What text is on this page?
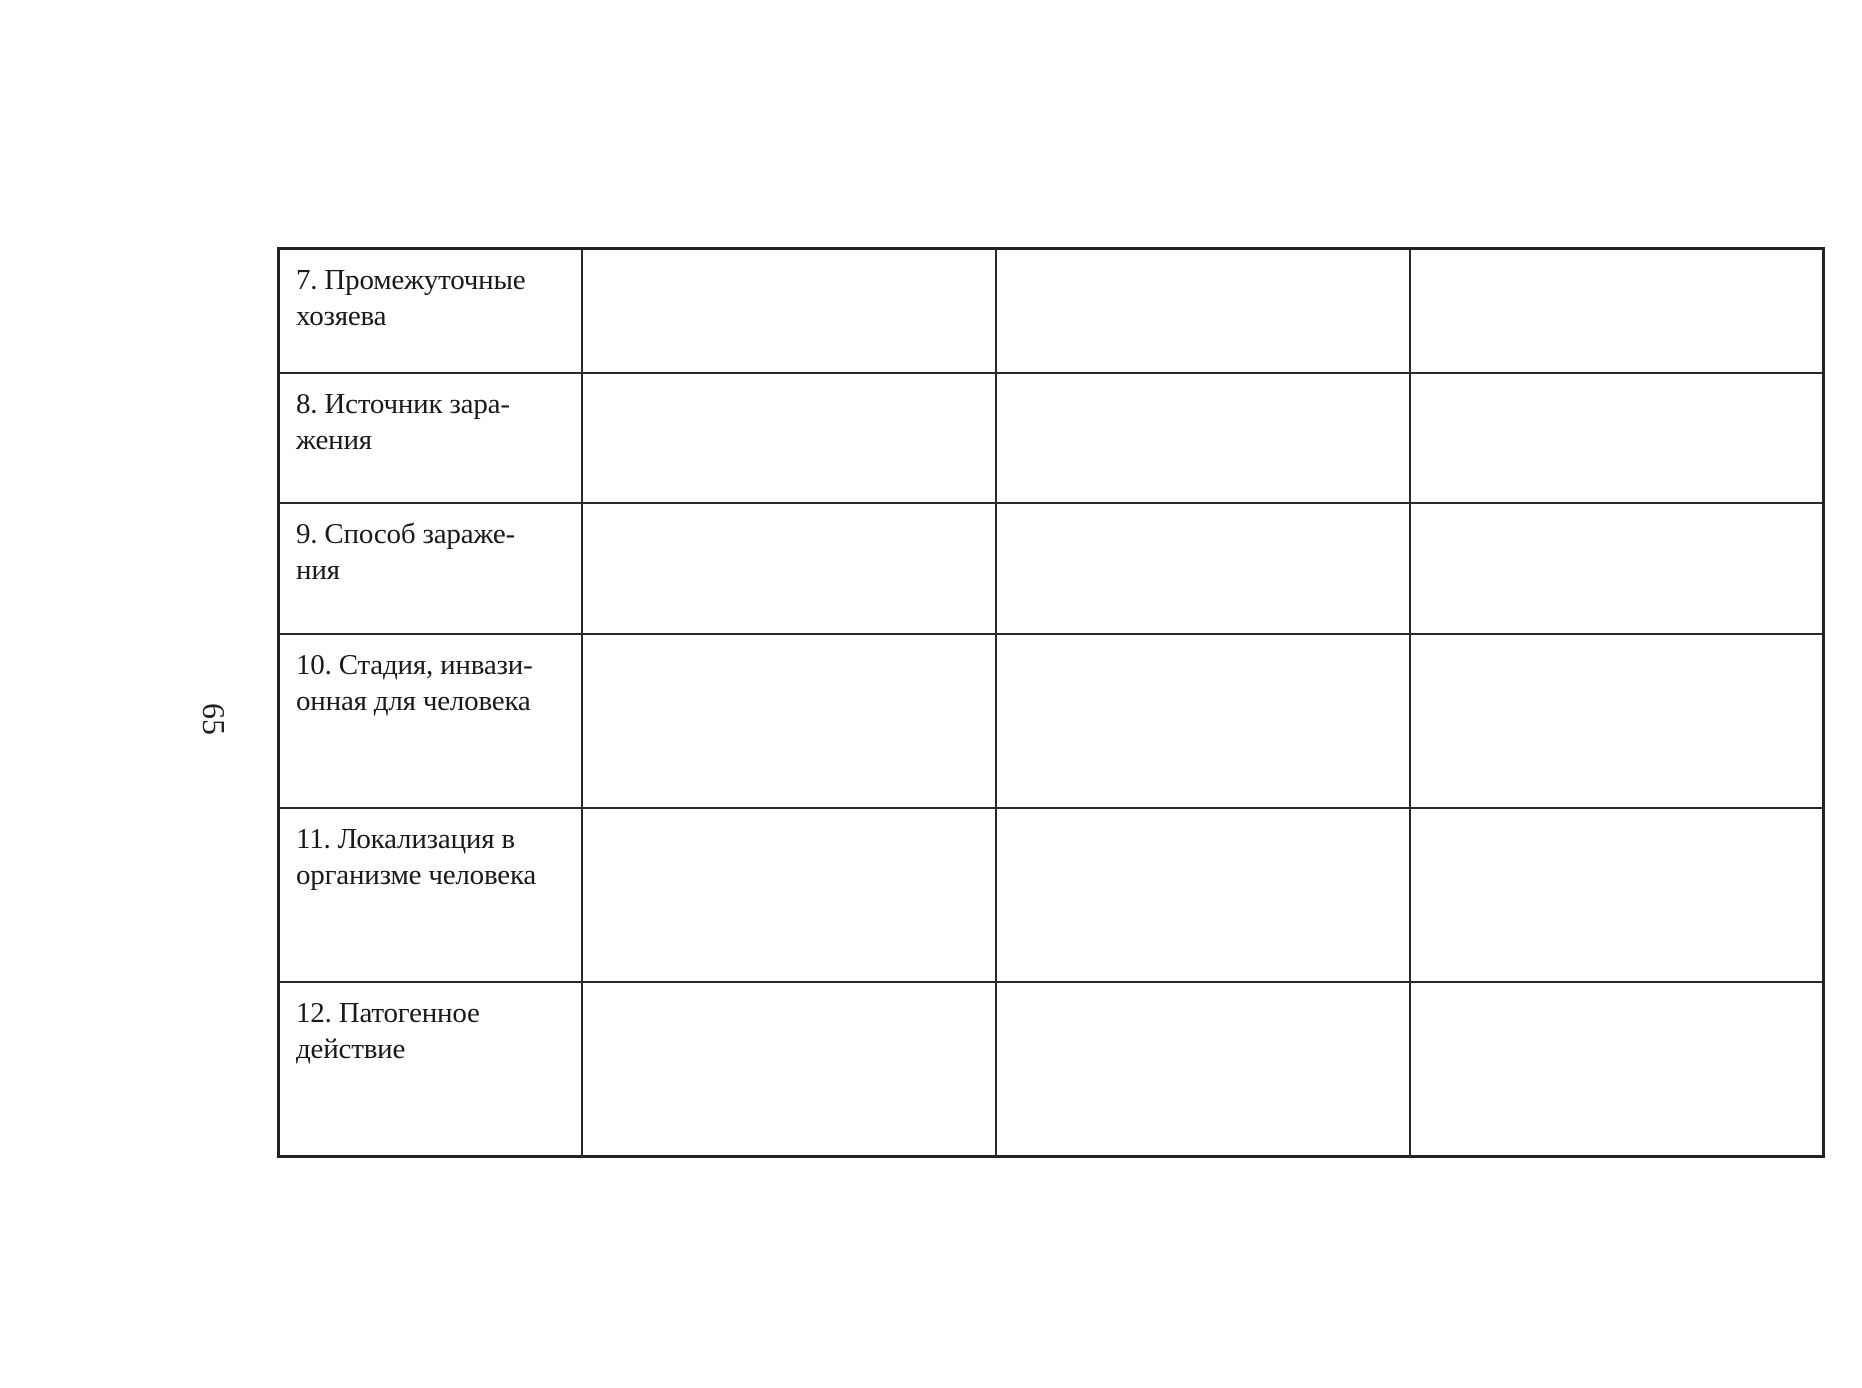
65
7. Промежуточные
хозяева			
8. Источник зара-
жения			
9. Способ зараже-
ния			
10. Стадия, инвази-
онная для человека			
11. Локализация в
организме человека			
12. Патогенное
действие			
